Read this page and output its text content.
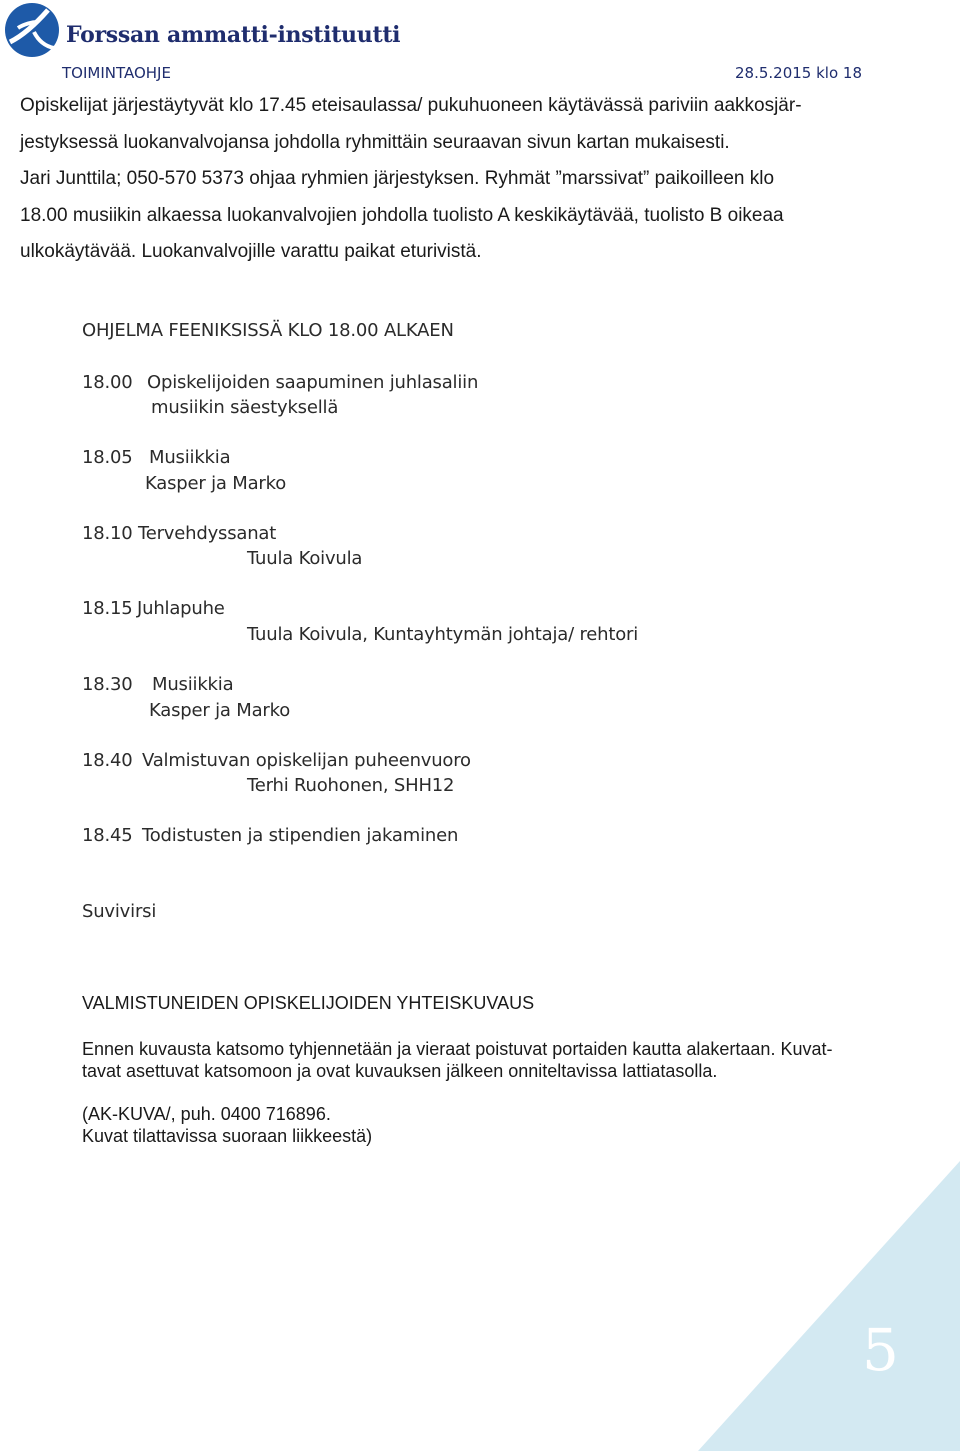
Forssan ammatti-instituutti
TOIMINTAOHJE	28.5.2015 klo 18

Opiskelijat järjestäytyvät klo 17.45 eteisaulassa/ pukuhuoneen käytävässä pariviin aakkosjär-

jestyksessä luokanvalvojansa johdolla ryhmittäin seuraavan sivun kartan mukaisesti.

Jari Junttila; 050-570 5373 ohjaa ryhmien järjestyksen. Ryhmät ”marssivat” paikoilleen klo

18.00 musiikin alkaessa luokanvalvojien johdolla tuolisto A keskikäytävää, tuolisto B oikeaa

ulkokäytävää. Luokanvalvojille varattu paikat eturivistä.

OHJELMA FEENIKSISSÄ KLO 18.00 ALKAEN
18.00 Opiskelijoiden saapuminen juhlasaliin
musiikin säestyksellä
18.05 Musiikkia
Kasper ja Marko
18.10 Tervehdyssanat
Tuula Koivula
18.15 Juhlapuhe
Tuula Koivula, Kuntayhtymän johtaja/ rehtori
18.30 Musiikkia
Kasper ja Marko
18.40 Valmistuvan opiskelijan puheenvuoro
Terhi Ruohonen, SHH12
18.45 Todistusten ja stipendien jakaminen
Suvivirsi
VALMISTUNEIDEN OPISKELIJOIDEN YHTEISKUVAUS
Ennen kuvausta katsomo tyhjennetään ja vieraat poistuvat portaiden kautta alakertaan. Kuvat-
tavat asettuvat katsomoon ja ovat kuvauksen jälkeen onniteltavissa lattiatasolla.
(AK-KUVA/, puh. 0400 716896.
Kuvat tilattavissa suoraan liikkeestä)
5
